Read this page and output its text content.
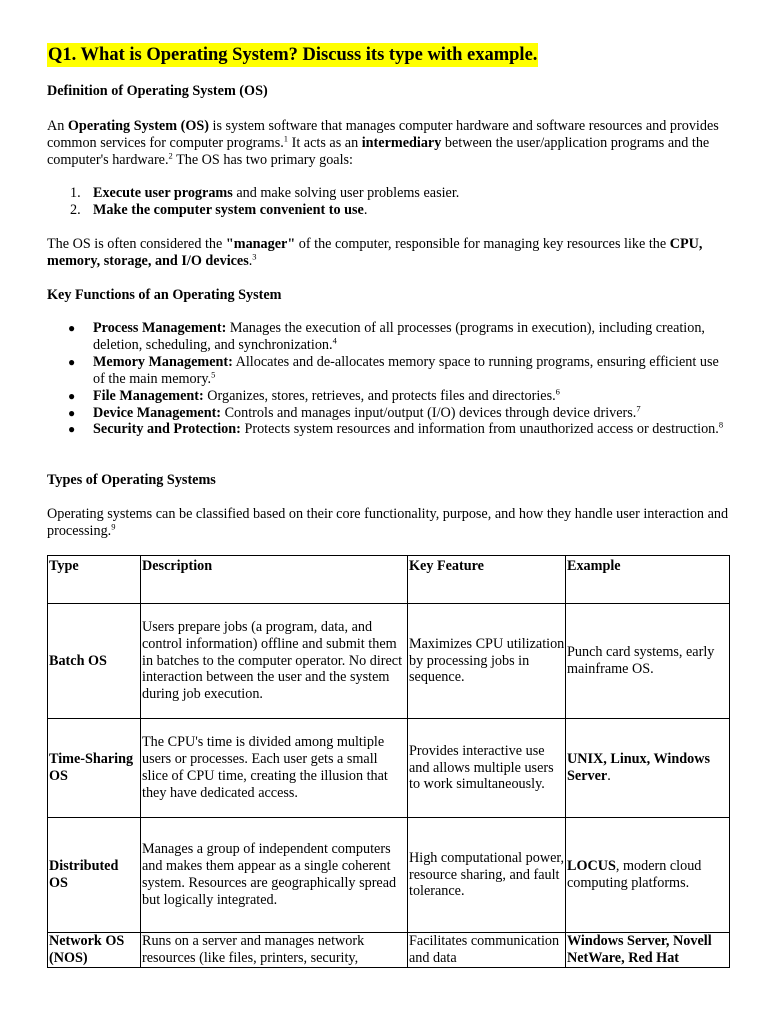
Q1. What is Operating System? Discuss its type with example.
Definition of Operating System (OS)
An Operating System (OS) is system software that manages computer hardware and software resources and provides common services for computer programs.$^1$ It acts as an intermediary between the user/application programs and the computer's hardware.$^2$ The OS has two primary goals:
1. Execute user programs and make solving user problems easier.
2. Make the computer system convenient to use.
The OS is often considered the "manager" of the computer, responsible for managing key resources like the CPU, memory, storage, and I/O devices.$^3$
Key Functions of an Operating System
● Process Management: Manages the execution of all processes (programs in execution), including creation, deletion, scheduling, and synchronization.$^4$
● Memory Management: Allocates and de-allocates memory space to running programs, ensuring efficient use of the main memory.$^5$
● File Management: Organizes, stores, retrieves, and protects files and directories.$^6$
● Device Management: Controls and manages input/output (I/O) devices through device drivers.$^7$
● Security and Protection: Protects system resources and information from unauthorized access or destruction.$^8$
Types of Operating Systems
Operating systems can be classified based on their core functionality, purpose, and how they handle user interaction and processing.$^9$
Type	Description	Key Feature	Example
Batch OS	Users prepare jobs (a program, data, and control information) offline and submit them in batches to the computer operator. No direct interaction between the user and the system during job execution.	Maximizes CPU utilization by processing jobs in sequence.	Punch card systems, early mainframe OS.
Time-Sharing OS	The CPU's time is divided among multiple users or processes. Each user gets a small slice of CPU time, creating the illusion that they have dedicated access.	Provides interactive use and allows multiple users to work simultaneously.	UNIX, Linux, Windows Server.
Distributed OS	Manages a group of independent computers and makes them appear as a single coherent system. Resources are geographically spread but logically integrated.	High computational power, resource sharing, and fault tolerance.	LOCUS, modern cloud computing platforms.
Network OS (NOS)	Runs on a server and manages network resources (like files, printers, security,	Facilitates communication and data	Windows Server, Novell NetWare, Red Hat
